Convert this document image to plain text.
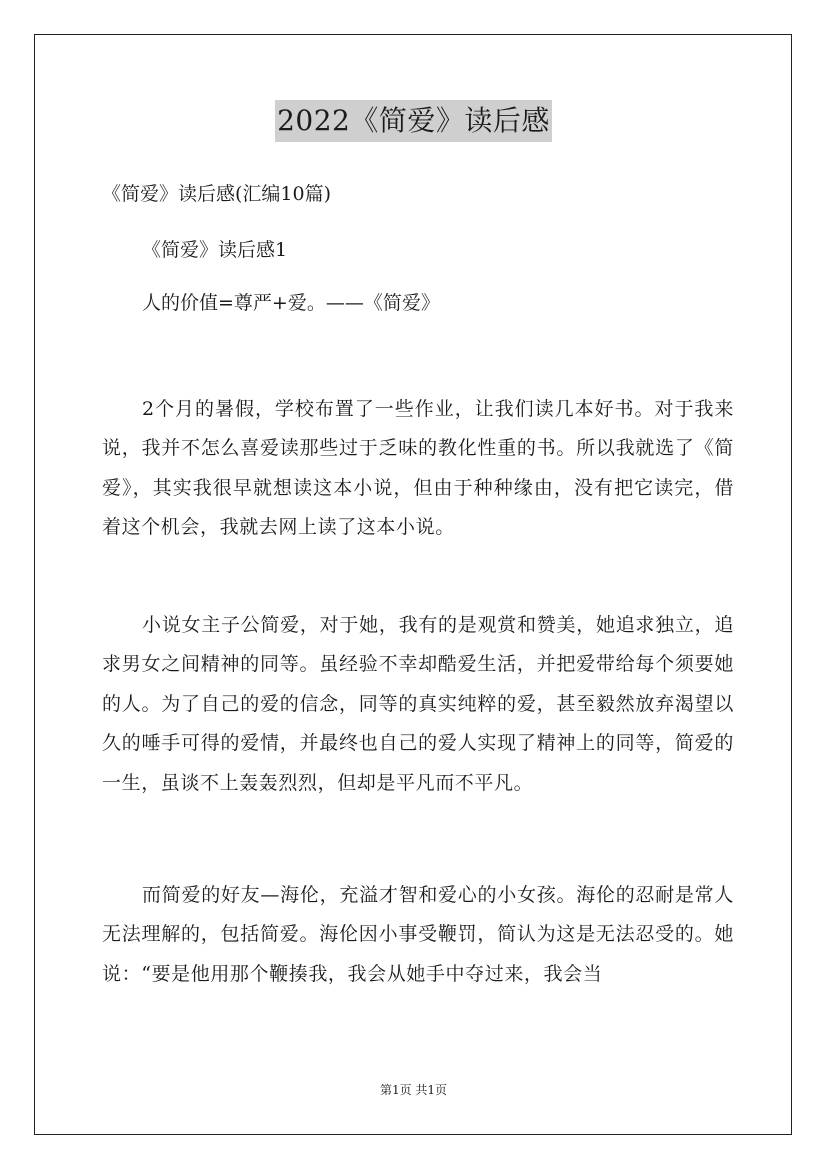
2022《简爱》读后感
《简爱》读后感(汇编10篇)
《简爱》读后感1
人的价值=尊严+爱。——《简爱》
2个月的暑假，学校布置了一些作业，让我们读几本好书。对于我来说，我并不怎么喜爱读那些过于乏味的教化性重的书。所以我就选了《简爱》，其实我很早就想读这本小说，但由于种种缘由，没有把它读完，借着这个机会，我就去网上读了这本小说。
小说女主子公简爱，对于她，我有的是观赏和赞美，她追求独立，追求男女之间精神的同等。虽经验不幸却酷爱生活，并把爱带给每个须要她的人。为了自己的爱的信念，同等的真实纯粹的爱，甚至毅然放弃渴望以久的唾手可得的爱情，并最终也自己的爱人实现了精神上的同等，简爱的一生，虽谈不上轰轰烈烈，但却是平凡而不平凡。
而简爱的好友—海伦，充溢才智和爱心的小女孩。海伦的忍耐是常人无法理解的，包括简爱。海伦因小事受鞭罚，简认为这是无法忍受的。她说：“要是他用那个鞭揍我，我会从她手中夺过来，我会当
第1页 共1页
